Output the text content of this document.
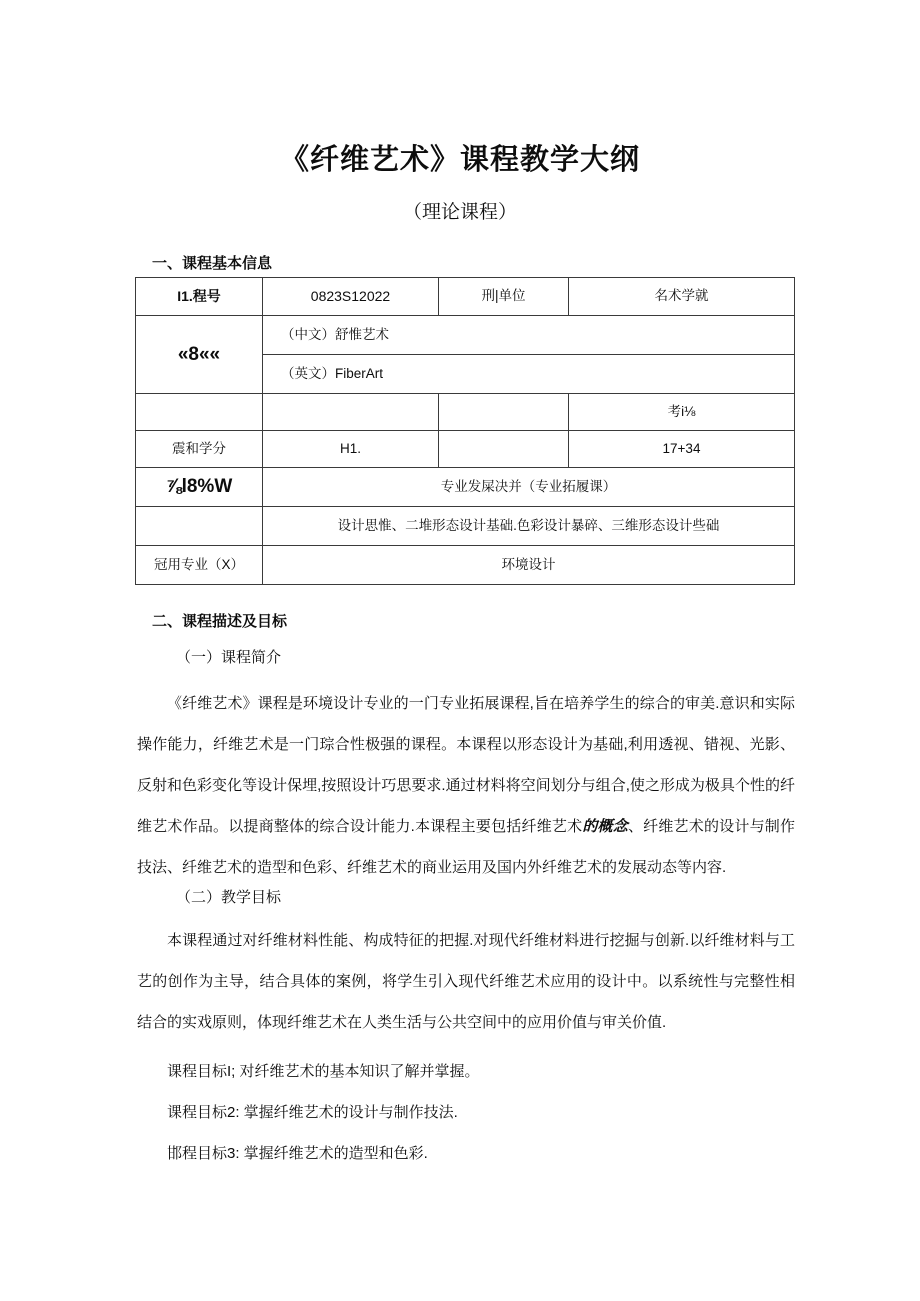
《纤维艺术》课程教学大纲
（理论课程）
一、课程基本信息
I1.程号	0823S12022	刑|单位	名术学就
«8««	（中文）舒惟艺术		
	（英文）FiberArt		
			考i⅛
震和学分	H1.		17+34
⅞l8%W	专业发屎决并（专业拓履课）		
	设计思惟、二堆形态设计基础.色彩设计暴碎、三维形态设计些础		
冠用专业（X）	环境设计		
二、课程描述及目标
（一）课程简介
《纤维艺术》课程是环境设计专业的一门专业拓展课程,旨在培养学生的综合的审美.意识和实际操作能力，纤维艺术是一门琮合性极强的课程。本课程以形态设计为基础,利用透视、错视、光影、反射和色彩变化等设计保埋,按照设计巧思要求.通过材料将空间划分与组合,使之形成为极具个性的纤维艺术作品。以提商整体的综合设计能力.本课程主要包括纤维艺术的概念、纤维艺术的设计与制作技法、纤维艺术的造型和色彩、纤维艺术的商业运用及国内外纤维艺术的发展动态等内容.
（二）教学目标
本课程通过对纤维材料性能、构成特征的把握.对现代纤维材料进行挖掘与创新.以纤维材料与工艺的创作为主导，结合具体的案例，将学生引入现代纤维艺术应用的设计中。以系统性与完整性相结合的实戏原则，体现纤维艺术在人类生活与公共空间中的应用价值与审关价值.
课程目标I; 对纤维艺术的基本知识了解并掌握。
课程目标2: 掌握纤维艺术的设计与制作技法.
邯程目标3: 掌握纤维艺术的造型和色彩.
